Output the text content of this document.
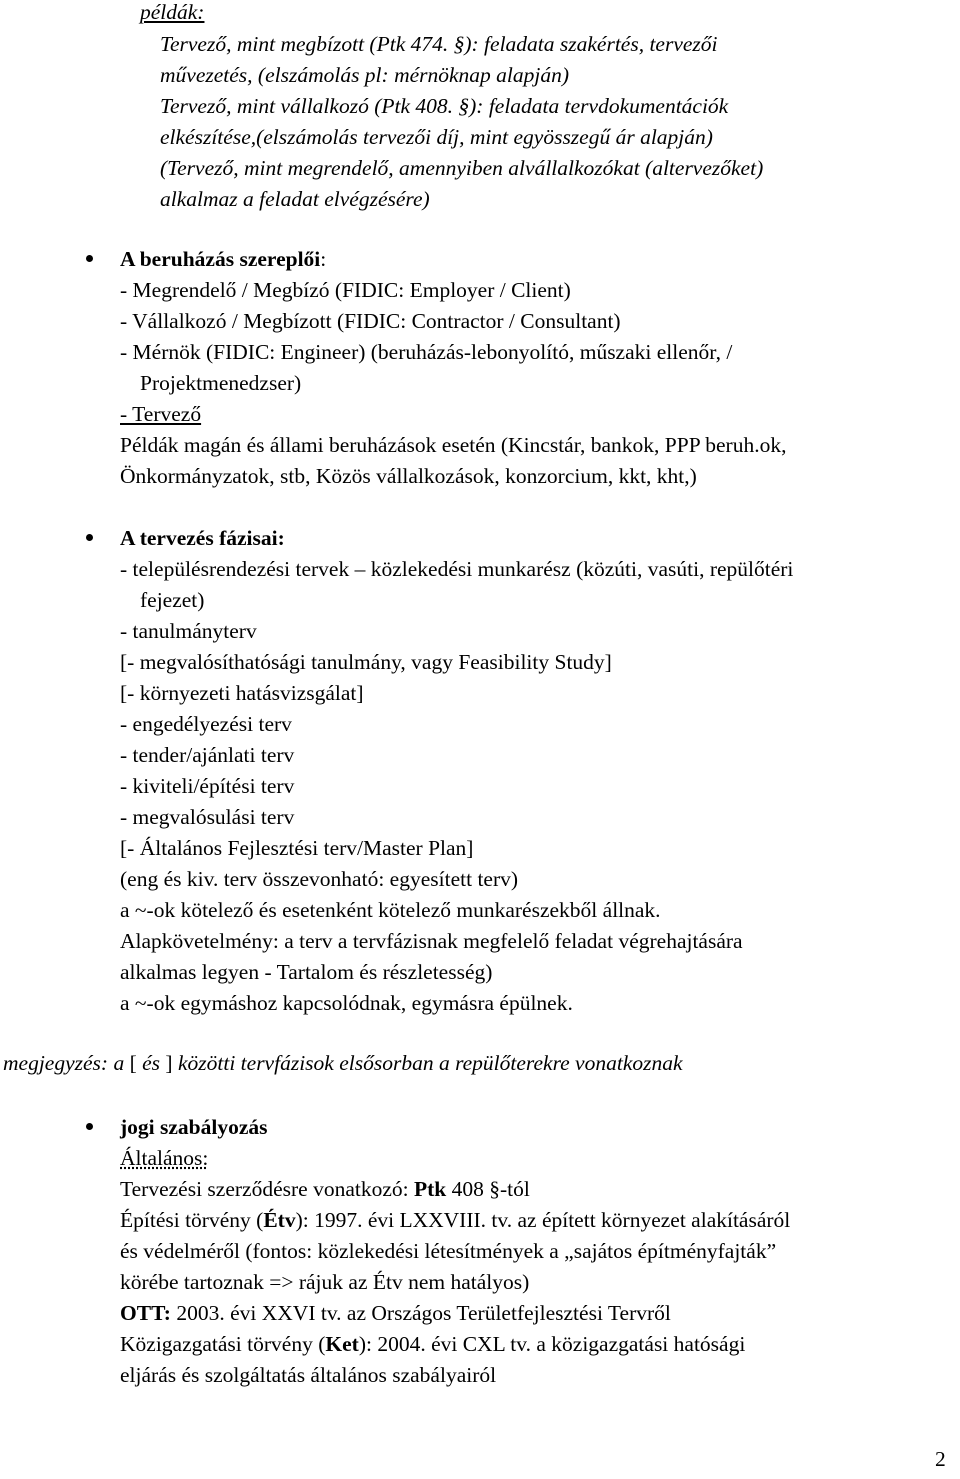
példák:
Tervező, mint megbízott (Ptk 474. §): feladata szakértés, tervezői
művezetés, (elszámolás pl: mérnöknap alapján)
Tervező, mint vállalkozó (Ptk 408. §): feladata tervdokumentációk
elkészítése,(elszámolás tervezői díj, mint egyösszegű ár alapján)
(Tervező, mint megrendelő, amennyiben alvállalkozókat (altervezőket)
alkalmaz a feladat elvégzésére)
A beruházás szereplői:
- Megrendelő / Megbízó (FIDIC: Employer / Client)
- Vállalkozó / Megbízott (FIDIC: Contractor / Consultant)
- Mérnök (FIDIC: Engineer) (beruházás-lebonyolító, műszaki ellenőr, /
Projektmenedzser)
- Tervező
Példák magán és állami beruházások esetén (Kincstár, bankok, PPP beruh.ok,
Önkormányzatok, stb, Közös vállalkozások, konzorcium, kkt, kht,)
A tervezés fázisai:
- településrendezési tervek – közlekedési munkarész (közúti, vasúti, repülőtéri
fejezet)
- tanulmányterv
[- megvalósíthatósági tanulmány, vagy Feasibility Study]
[- környezeti hatásvizsgálat]
- engedélyezési terv
- tender/ajánlati terv
- kiviteli/építési terv
- megvalósulási terv
[- Általános Fejlesztési terv/Master Plan]
(eng és kiv. terv összevonható: egyesített terv)
a ~-ok kötelező és esetenként kötelező munkarészekből állnak.
Alapkövetelmény: a terv a tervfázisnak megfelelő feladat végrehajtására
alkalmas legyen - Tartalom és részletesség)
a ~-ok egymáshoz kapcsolódnak, egymásra épülnek.
megjegyzés: a [ és ] közötti tervfázisok elsősorban a repülőterekre vonatkoznak
jogi szabályozás
Általános:
Tervezési szerződésre vonatkozó: Ptk 408 §-tól
Építési törvény (Étv): 1997. évi LXXVIII. tv. az épített környezet alakításáról
és védelméről (fontos: közlekedési létesítmények a „sajátos építményfajták”
körébe tartoznak => rájuk az Étv nem hatályos)
OTT: 2003. évi XXVI tv. az Országos Területfejlesztési Tervről
Közigazgatási törvény (Ket): 2004. évi CXL tv. a közigazgatási hatósági
eljárás és szolgáltatás általános szabályairól
2
